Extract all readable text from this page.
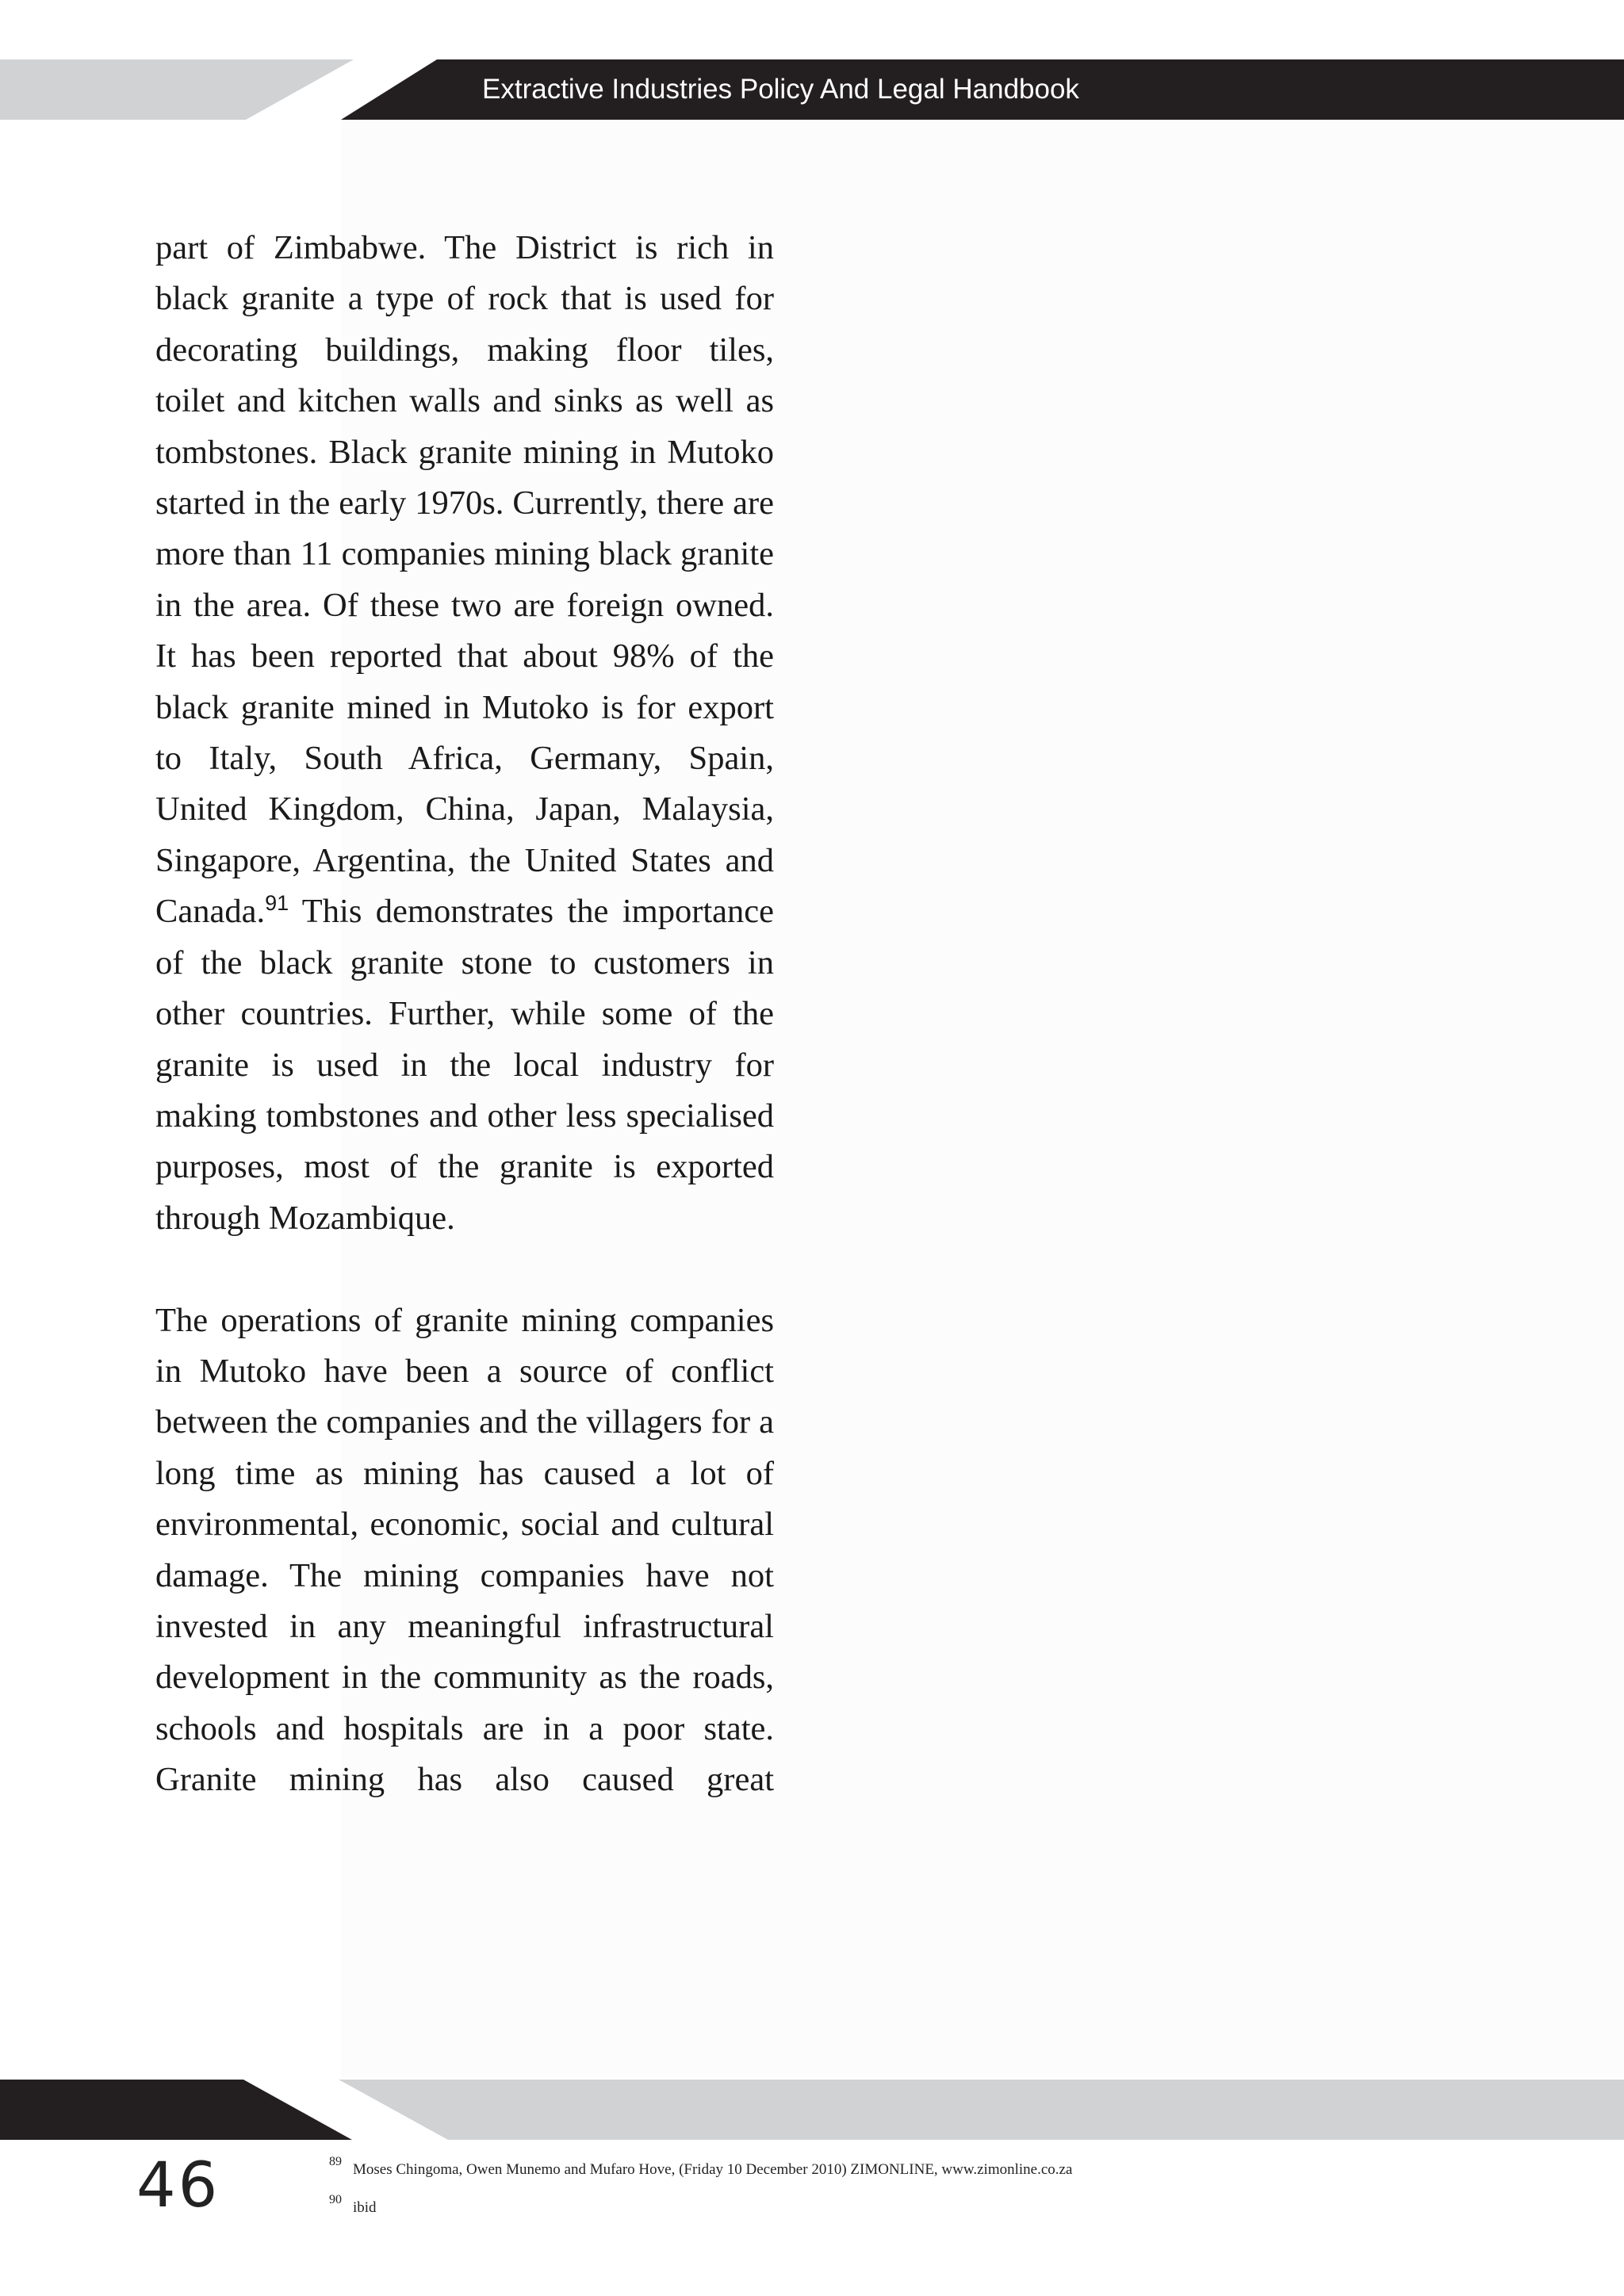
Extractive Industries Policy And Legal Handbook

part of Zimbabwe. The District is rich in black granite a type of rock that is used for decorating buildings, making floor tiles, toilet and kitchen walls and sinks as well as tombstones. Black granite mining in Mutoko started in the early 1970s. Currently, there are more than 11 companies mining black granite in the area. Of these two are foreign owned. It has been reported that about 98% of the black granite mined in Mutoko is for export to Italy, South Africa, Germany, Spain, United Kingdom, China, Japan, Malaysia, Singapore, Argentina, the United States and Canada.$^{91}$ This demonstrates the importance of the black granite stone to customers in other countries. Further, while some of the granite is used in the local industry for making tombstones and other less specialised purposes, most of the granite is exported through Mozambique.

The operations of granite mining companies in Mutoko have been a source of conflict between the companies and the villagers for a long time as mining has caused a lot of environmental, economic, social and cultural damage. The mining companies have not invested in any meaningful infrastructural development in the community as the roads, schools and hospitals are in a poor state. Granite mining has also caused great

46	89 Moses Chingoma, Owen Munemo and Mufaro Hove, (Friday 10 December 2010) ZIMONLINE, www.zimonline.co.za
90 ibid
